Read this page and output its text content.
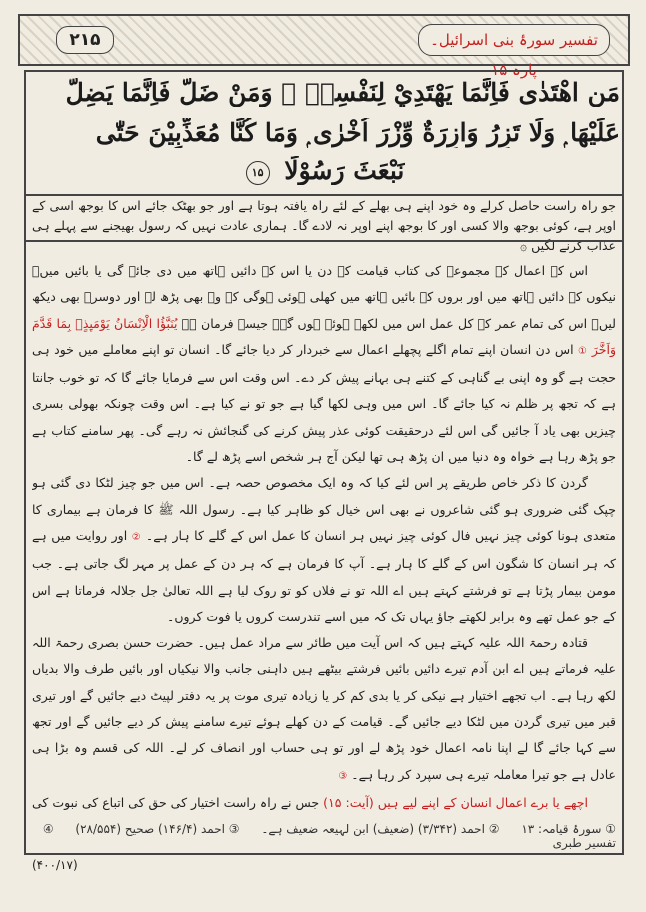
۲۱۵	تفسیر سورۂ بنی اسرائیل۔ پارہ ۱۵
مَنِ اهْتَدٰى فَاِنَّمَا يَهْتَدِيْ لِنَفْسِهٖ ۚ وَمَنْ ضَلَّ فَاِنَّمَا يَضِلُّ
عَلَيْهَا ۭ وَلَا تَزِرُ وَازِرَةٌ وِّزْرَ اُخْرٰى ۭ وَمَا كُنَّا مُعَذِّبِيْنَ حَتّٰى
نَبْعَثَ رَسُوْلًا ۱۵
جو راہ راست حاصل کرلے وہ خود اپنے ہی بھلے کے لئے راہ یافتہ ہوتا ہے اور جو بھٹک جائے اس کا بوجھ اسی کے اوپر ہے، کوئی بوجھ والا کسی اور کا بوجھ اپنے اوپر نہ لادے گا۔ ہماری عادت نہیں کہ رسول بھیجنے سے پہلے ہی عذاب کرنے لگیں ۞

اس کے اعمال کے مجموعے کی کتاب قیامت کے دن یا اس کے دائیں ہاتھ میں دی جائے گی یا بائیں میں۔ نیکوں کے دائیں ہاتھ میں اور بروں کے بائیں ہاتھ میں کھلی ہوئی ہوگی کہ وہ بھی پڑھ لے اور دوسرے بھی دیکھ لیں۔ اس کی تمام عمر کے کل عمل اس میں لکھے ہوئے ہوں گے۔ جیسے فرمان ہے يُنَبَّؤُا الْاِنْسَانُ يَوْمَىِٕذٍۢ بِمَا قَدَّمَ وَاَخَّرَ ① اس دن انسان اپنے تمام اگلے پچھلے اعمال سے خبردار کر دیا جائے گا۔ انسان تو اپنے معاملے میں خود ہی حجت ہے گو وہ اپنی بے گناہی کے کتنے ہی بہانے پیش کر دے۔ اس وقت اس سے فرمایا جائے گا کہ تو خوب جانتا ہے کہ تجھ پر ظلم نہ کیا جائے گا۔ اس میں وہی لکھا گیا ہے جو تو نے کیا ہے۔ اس وقت چونکہ بھولی بسری چیزیں بھی یاد آ جائیں گی اس لئے درحقیقت کوئی عذر پیش کرنے کی گنجائش نہ رہے گی۔ پھر سامنے کتاب ہے جو پڑھ رہا ہے خواہ وہ دنیا میں ان پڑھ ہی تھا لیکن آج ہر شخص اسے پڑھ لے گا۔

گردن کا ذکر خاص طریقے پر اس لئے کیا کہ وہ ایک مخصوص حصہ ہے۔ اس میں جو چیز لٹکا دی گئی ہو چپک گئی ضروری ہو گئی شاعروں نے بھی اس خیال کو ظاہر کیا ہے۔ رسول اللہ ﷺ کا فرمان ہے بیماری کا متعدی ہونا کوئی چیز نہیں فال کوئی چیز نہیں ہر انسان کا عمل اس کے گلے کا ہار ہے۔ ② اور روایت میں ہے کہ ہر انسان کا شگون اس کے گلے کا ہار ہے۔ آپ کا فرمان ہے کہ ہر دن کے عمل پر مہر لگ جاتی ہے۔ جب مومن بیمار پڑتا ہے تو فرشتے کہتے ہیں اے اللہ تو نے فلاں کو تو روک لیا ہے اللہ تعالیٰ جل جلالہ فرماتا ہے اس کے جو عمل تھے وہ برابر لکھتے جاؤ یہاں تک کہ میں اسے تندرست کروں یا فوت کروں۔

قتادہ رحمۃ اللہ علیہ کہتے ہیں کہ اس آیت میں طائر سے مراد عمل ہیں۔ حضرت حسن بصری رحمۃ اللہ علیہ فرماتے ہیں اے ابن آدم تیرے دائیں بائیں فرشتے بیٹھے ہیں داہنی جانب والا نیکیاں اور بائیں طرف والا بدیاں لکھ رہا ہے۔ اب تجھے اختیار ہے نیکی کر یا بدی کم کر یا زیادہ تیری موت پر یہ دفتر لپیٹ دیے جائیں گے اور تیری قبر میں تیری گردن میں لٹکا دیے جائیں گے۔ قیامت کے دن کھلے ہوئے تیرے سامنے پیش کر دیے جائیں گے اور تجھ سے کہا جائے گا لے اپنا نامہ اعمال خود پڑھ لے اور تو ہی حساب اور انصاف کر لے۔ اللہ کی قسم وہ بڑا ہی عادل ہے جو تیرا معاملہ تیرے ہی سپرد کر رہا ہے۔ ③

اچھے یا برے اعمال انسان کے اپنے لیے ہیں (آیت: ۱۵) جس نے راہ راست اختیار کی حق کی اتباع کی نبوت کی

① سورۂ قیامہ: ۱۳ ② احمد (۳/۳۴۲) (ضعیف) ابن لہیعہ ضعیف ہے۔ ③ احمد (۱۴۶/۴) صحیح (۲۸/۵۵۴) ④ تفسیر طبری
(۴۰۰/۱۷)
